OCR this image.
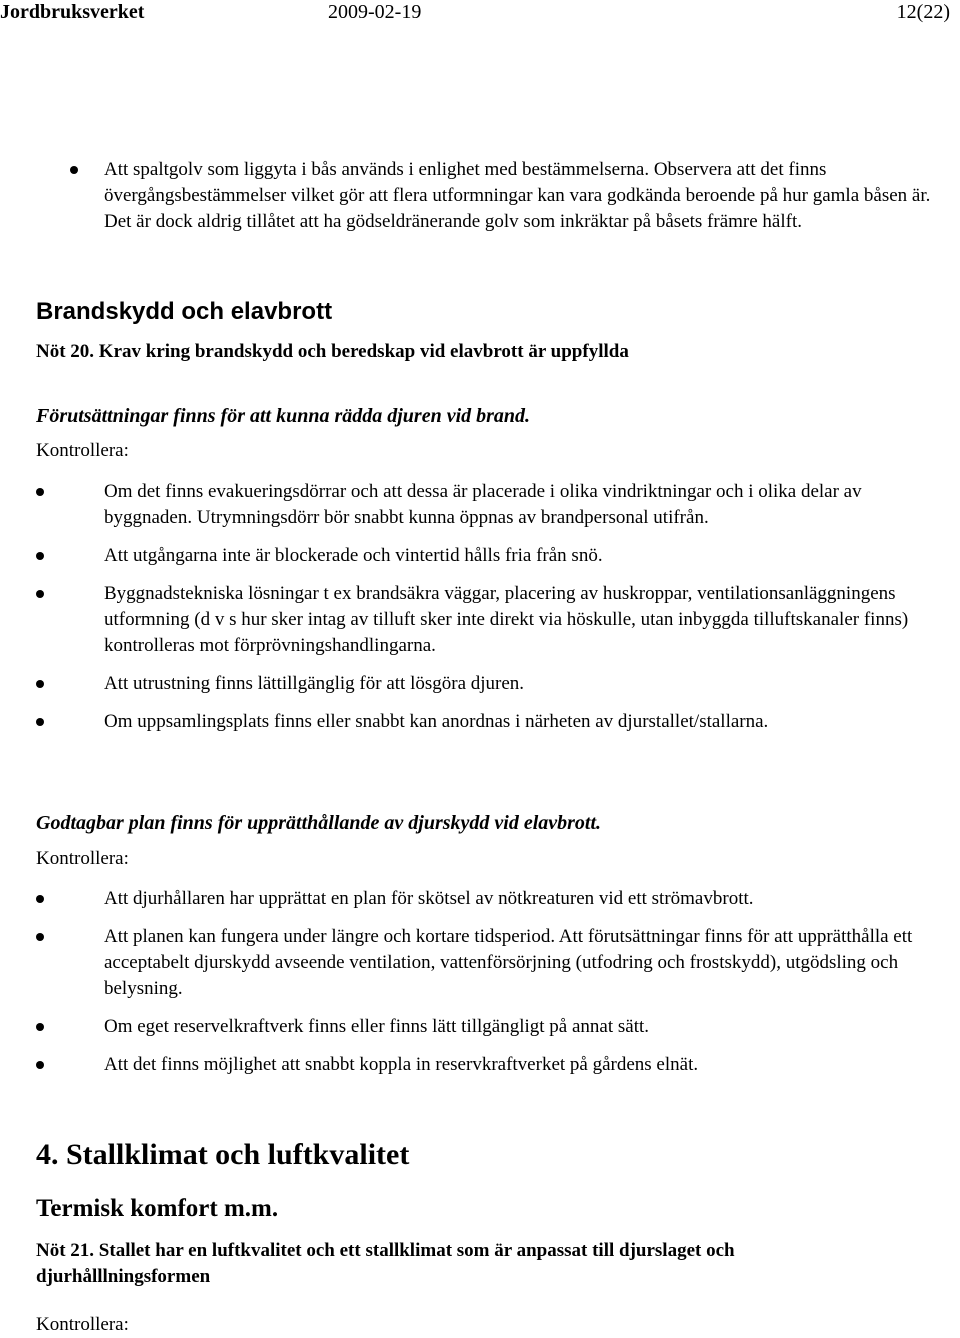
Jordbruksverket	2009-02-19	12(22)
Att spaltgolv som liggyta i bås används i enlighet med bestämmelserna. Observera att det finns övergångsbestämmelser vilket gör att flera utformningar kan vara godkända beroende på hur gamla båsen är. Det är dock aldrig tillåtet att ha gödseldränerande golv som inkräktar på båsets främre hälft.
Brandskydd och elavbrott
Nöt 20. Krav kring brandskydd och beredskap vid elavbrott är uppfyllda
Förutsättningar finns för att kunna rädda djuren vid brand.
Kontrollera:
Om det finns evakueringsdörrar och att dessa är placerade i olika vindriktningar och i olika delar av byggnaden. Utrymningsdörr bör snabbt kunna öppnas av brandpersonal utifrån.
Att utgångarna inte är blockerade och vintertid hålls fria från snö.
Byggnadstekniska lösningar t ex brandsäkra väggar, placering av huskroppar, ventilationsanläggningens utformning (d v s hur sker intag av tilluft sker inte direkt via höskulle, utan inbyggda tilluftskanaler finns) kontrolleras mot förprövningshandlingarna.
Att utrustning finns lättillgänglig för att lösgöra djuren.
Om uppsamlingsplats finns eller snabbt kan anordnas i närheten av djurstallet/stallarna.
Godtagbar plan finns för upprätthållande av djurskydd vid elavbrott.
Kontrollera:
Att djurhållaren har upprättat en plan för skötsel av nötkreaturen vid ett strömavbrott.
Att planen kan fungera under längre och kortare tidsperiod. Att förutsättningar finns för att upprätthålla ett acceptabelt djurskydd avseende ventilation, vattenförsörjning (utfodring och frostskydd), utgödsling och belysning.
Om eget reservelkraftverk finns eller finns lätt tillgängligt på annat sätt.
Att det finns möjlighet att snabbt koppla in reservkraftverket på gårdens elnät.
4. Stallklimat och luftkvalitet
Termisk komfort m.m.
Nöt 21. Stallet har en luftkvalitet och ett stallklimat som är anpassat till djurslaget och djurhålllningsformen
Kontrollera:
